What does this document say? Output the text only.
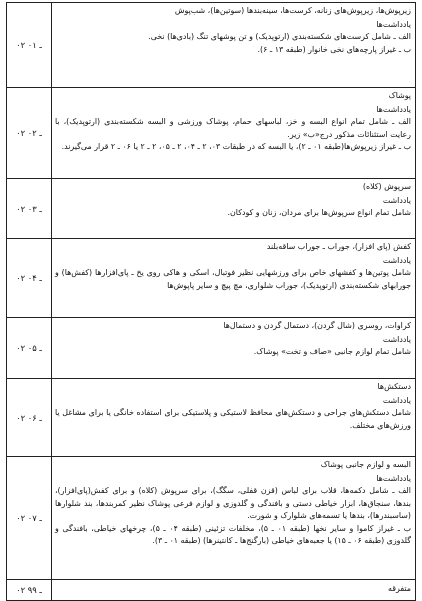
زیرپوش‌ها، زیرپوش‌های زنانه، کرست‌ها، سینه‌بندها (سوتین‌ها)، شب‌پوش
یادداشت‌ها
الف ـ شامل کرست‌های شکسته‌بندی (ارتوپدیک) و تن پوشهای تنگ (بادی‌ها) نخی.
ب ـ غیراز پارچه‌های نخی خانوار (طبقه ۱۳ ـ ۶).	۰۲ ـ ۰۱

پوشاک
یادداشت‌ها
الف ـ شامل تمام انواع البسه و خز، لباسهای حمام، پوشاک ورزشی و البسه شکسته‌بندی (ارتوپدیک)، با رعایت استثنائات مذکور درج«ب» زیر.
ب ـ غیراز زیرپوش‌ها(طبقه ۰۱ ـ ۲)، یا البسه که در طبقات ۰۳، ۲ ـ ۰۴، ۲ ـ ۰۵، ۲ ـ ۲ یا ۰۶ ـ ۲ قرار می‌گیرند.	۰۲ ـ ۰۲

سرپوش (کلاه)
یادداشت
شامل تمام انواع سرپوش‌ها برای مردان، زنان و کودکان.	۰۲ ـ ۰۳

کفش (پای افزار)، جوراب ـ جوراب ساقه‌بلند
یادداشت
شامل پوتین‌ها و کفشهای خاص برای ورزشهایی نظیر فوتبال، اسکی و هاکی روی یخ ـ پای‌افزارها (کفش‌ها) و جورابهای شکسته‌بندی (ارتوپدیک)، جوراب شلواری، مچ پیچ و سایر پاپوش‌ها	۰۲ ـ ۰۴

کراوات، روسری (شال گردن)، دستمال گردن و دستمال‌ها
یادداشت
شامل تمام لوازم جانبی «صاف و تخت» پوشاک.	۰۲ ـ ۰۵

دستکش‌ها
یادداشت
شامل دستکش‌های جراحی و دستکش‌های محافظ لاستیکی و پلاستیکی برای استفاده خانگی یا برای مشاغل یا ورزش‌های مختلف.	۰۲ ـ ۰۶

البسه و لوازم جانبی پوشاک
یادداشت‌ها
الف ـ شامل دکمه‌ها، قلاب برای لباس (قزن قفلی، سگگ)، برای سرپوش (کلاه) و برای کفش(پای‌افزار)، بندها، سنجاق‌ها، ابزار خیاطی دستی و بافندگی و گلدوزی و لوازم فرعی پوشاک نظیر کمربندها، بند شلوارها (ساسبندرها)، بندها یا تسمه‌های شلوارک و شورت.
ب ـ غیراز کاموا و سایر نخها (طبقه ۰۱ ـ ۵)، مخلفات تزئینی (طبقه ۰۴ ـ ۵)، چرخهای خیاطی، بافندگی و گلدوزی (طبقه ۰۶ ـ ۱۵) یا جعبه‌های خیاطی (بارگنج‌ها ـ کانتینرها) (طبقه ۰۱ ـ ۳).	۰۲ ـ ۰۷

متفرقه	۰۲ ـ ۹۹
